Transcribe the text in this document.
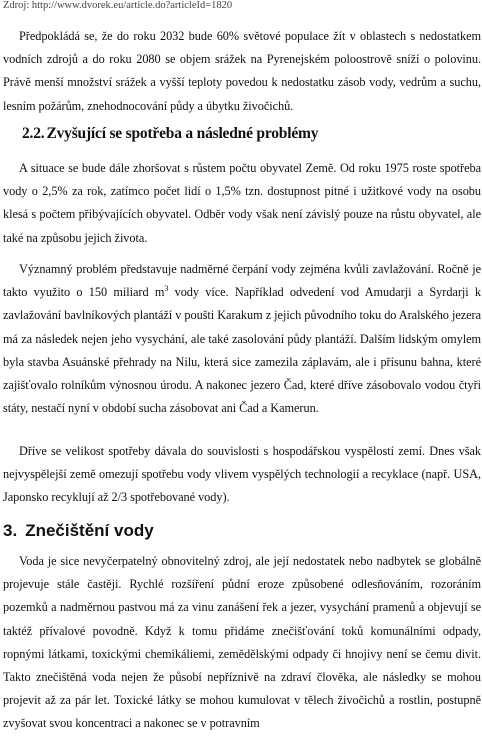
Zdroj: http://www.dvorek.eu/article.do?articleId=1820

Předpokládá se, že do roku 2032 bude 60% světové populace žít v oblastech s nedostatkem vodních zdrojů a do roku 2080 se objem srážek na Pyrenejském poloostrově sníží o polovinu. Právě menší množství srážek a vyšší teploty povedou k nedostatku zásob vody, vedrům a suchu, lesním požárům, znehodnocování půdy a úbytku živočichů.

2.2. Zvyšující se spotřeba a následné problémy

A situace se bude dále zhoršovat s růstem počtu obyvatel Země. Od roku 1975 roste spotřeba vody o 2,5% za rok, zatímco počet lidí o 1,5% tzn. dostupnost pitné i užitkové vody na osobu klesá s počtem přibývajících obyvatel. Odběr vody však není závislý pouze na růstu obyvatel, ale také na způsobu jejich života.

Významný problém představuje nadměrné čerpání vody zejména kvůli zavlažování. Ročně je takto využito o 150 miliard $m^3$ vody více. Například odvedení vod Amudarji a Syrdarji k zavlažování bavlníkových plantáží v poušti Karakum z jejich původního toku do Aralského jezera má za následek nejen jeho vysychání, ale také zasolování půdy plantáží. Dalším lidským omylem byla stavba Asuánské přehrady na Nilu, která sice zamezila záplavám, ale i přísunu bahna, které zajišťovalo rolníkům výnosnou úrodu. A nakonec jezero Čad, které dříve zásobovalo vodou čtyři státy, nestačí nyní v období sucha zásobovat ani Čad a Kamerun.

Dříve se velikost spotřeby dávala do souvislosti s hospodářskou vyspělostí zemí. Dnes však nejvyspělejší země omezují spotřebu vody vlivem vyspělých technologií a recyklace (např. USA, Japonsko recyklují až 2/3 spotřebované vody).

3. Znečištění vody

Voda je sice nevyčerpatelný obnovitelný zdroj, ale její nedostatek nebo nadbytek se globálně projevuje stále častěji. Rychlé rozšíření půdní eroze způsobené odlesňováním, rozoráním pozemků a nadměrnou pastvou má za vinu zanášení řek a jezer, vysychání pramenů a objevují se taktéž přívalové povodně. Když k tomu přidáme znečišťování toků komunálními odpady, ropnými látkami, toxickými chemikáliemi, zemědělskými odpady či hnojivy není se čemu divit. Takto znečištěná voda nejen že působí nepříznivě na zdraví člověka, ale následky se mohou projevit až za pár let. Toxické látky se mohou kumulovat v tělech živočichů a rostlin, postupně zvyšovat svou koncentraci a nakonec se v potravním
